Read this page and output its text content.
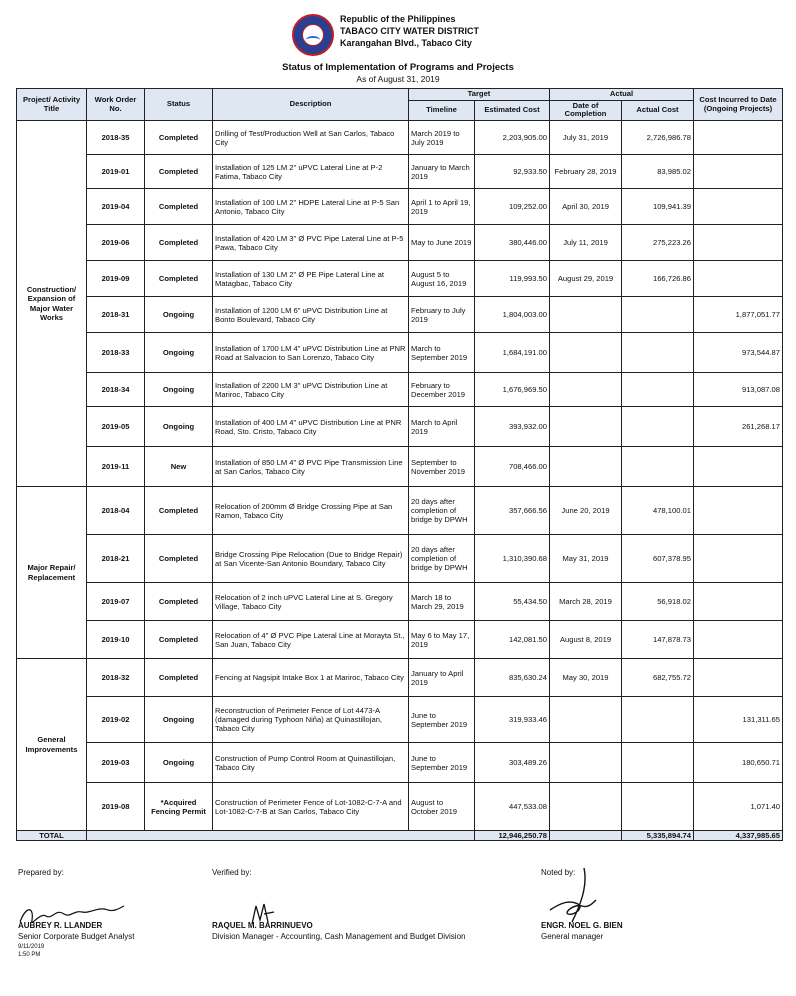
Republic of the Philippines
TABACO CITY WATER DISTRICT
Karangahan Blvd., Tabaco City
Status of Implementation of Programs and Projects
As of August 31, 2019
Project/ Activity Title	Work Order No.	Status	Description	Target		Actual		Cost Incurred to Date (Ongoing Projects)
				Timeline	Estimated Cost	Date of Completion	Actual Cost	
Construction/ Expansion of Major Water Works	2018-35	Completed	Drilling of Test/Production Well at San Carlos, Tabaco City	March 2019 to July 2019	2,203,905.00	July 31, 2019	2,726,986.78	
	2019-01	Completed	Installation of 125 LM 2" uPVC Lateral Line at P-2 Fatima, Tabaco City	January to March 2019	92,933.50	February 28, 2019	83,985.02	
	2019-04	Completed	Installation of 100 LM 2" HDPE Lateral Line at P-5 San Antonio, Tabaco City	April 1 to April 19, 2019	109,252.00	April 30, 2019	109,941.39	
	2019-06	Completed	Installation of 420 LM 3" Ø PVC Pipe Lateral Line at P-5 Pawa, Tabaco City	May to June 2019	380,446.00	July 11, 2019	275,223.26	
	2019-09	Completed	Installation of 130 LM 2" Ø PE Pipe Lateral Line at Matagbac, Tabaco City	August 5 to August 16, 2019	119,993.50	August 29, 2019	166,726.86	
	2018-31	Ongoing	Installation of 1200 LM 6" uPVC Distribution Line at Bonto Boulevard, Tabaco City	February to July 2019	1,804,003.00			1,877,051.77
	2018-33	Ongoing	Installation of 1700 LM 4" uPVC Distribution Line at PNR Road at Salvacion to San Lorenzo, Tabaco City	March to September 2019	1,684,191.00			973,544.87
	2018-34	Ongoing	Installation of 2200 LM 3" uPVC Distribution Line at Mariroc, Tabaco City	February to December 2019	1,676,969.50			913,087.08
	2019-05	Ongoing	Installation of 400 LM 4" uPVC Distribution Line at PNR Road, Sto. Cristo, Tabaco City	March to April 2019	393,932.00			261,268.17
	2019-11	New	Installation of 850 LM 4" Ø PVC Pipe Transmission Line at San Carlos, Tabaco City	September to November 2019	708,466.00			
Major Repair/ Replacement	2018-04	Completed	Relocation of 200mm Ø Bridge Crossing Pipe at San Ramon, Tabaco City	20 days after completion of bridge by DPWH	357,666.56	June 20, 2019	478,100.01	
	2018-21	Completed	Bridge Crossing Pipe Relocation (Due to Bridge Repair) at San Vicente-San Antonio Boundary, Tabaco City	20 days after completion of bridge by DPWH	1,310,390.68	May 31, 2019	607,378.95	
	2019-07	Completed	Relocation of 2 inch uPVC Lateral Line at S. Gregory Village, Tabaco City	March 18 to March 29, 2019	55,434.50	March 28, 2019	56,918.02	
	2019-10	Completed	Relocation of 4" Ø PVC Pipe Lateral Line at Morayta St., San Juan, Tabaco City	May 6 to May 17, 2019	142,081.50	August 8, 2019	147,878.73	
General Improvements	2018-32	Completed	Fencing at Nagsipit Intake Box 1 at Mariroc, Tabaco City	January to April 2019	835,630.24	May 30, 2019	682,755.72	
	2019-02	Ongoing	Reconstruction of Perimeter Fence of Lot 4473-A (damaged during Typhoon Niña) at Quinastillojan, Tabaco City	June to September 2019	319,933.46			131,311.65
	2019-03	Ongoing	Construction of Pump Control Room at Quinastillojan, Tabaco City	June to September 2019	303,489.26			180,650.71
	2019-08	*Acquired Fencing Permit	Construction of Perimeter Fence of Lot-1082-C-7-A and Lot-1082-C-7-B at San Carlos, Tabaco City	August to October 2019	447,533.08			1,071.40
TOTAL					12,946,250.78		5,335,894.74	4,337,985.65
Prepared by:
AUBREY R. LLANDER
Senior Corporate Budget Analyst
9/11/2019
1:50 PM
Verified by:
RAQUEL M. BARRINUEVO
Division Manager - Accounting, Cash Management and Budget Division
Noted by:
ENGR. NOEL G. BIEN
General manager
